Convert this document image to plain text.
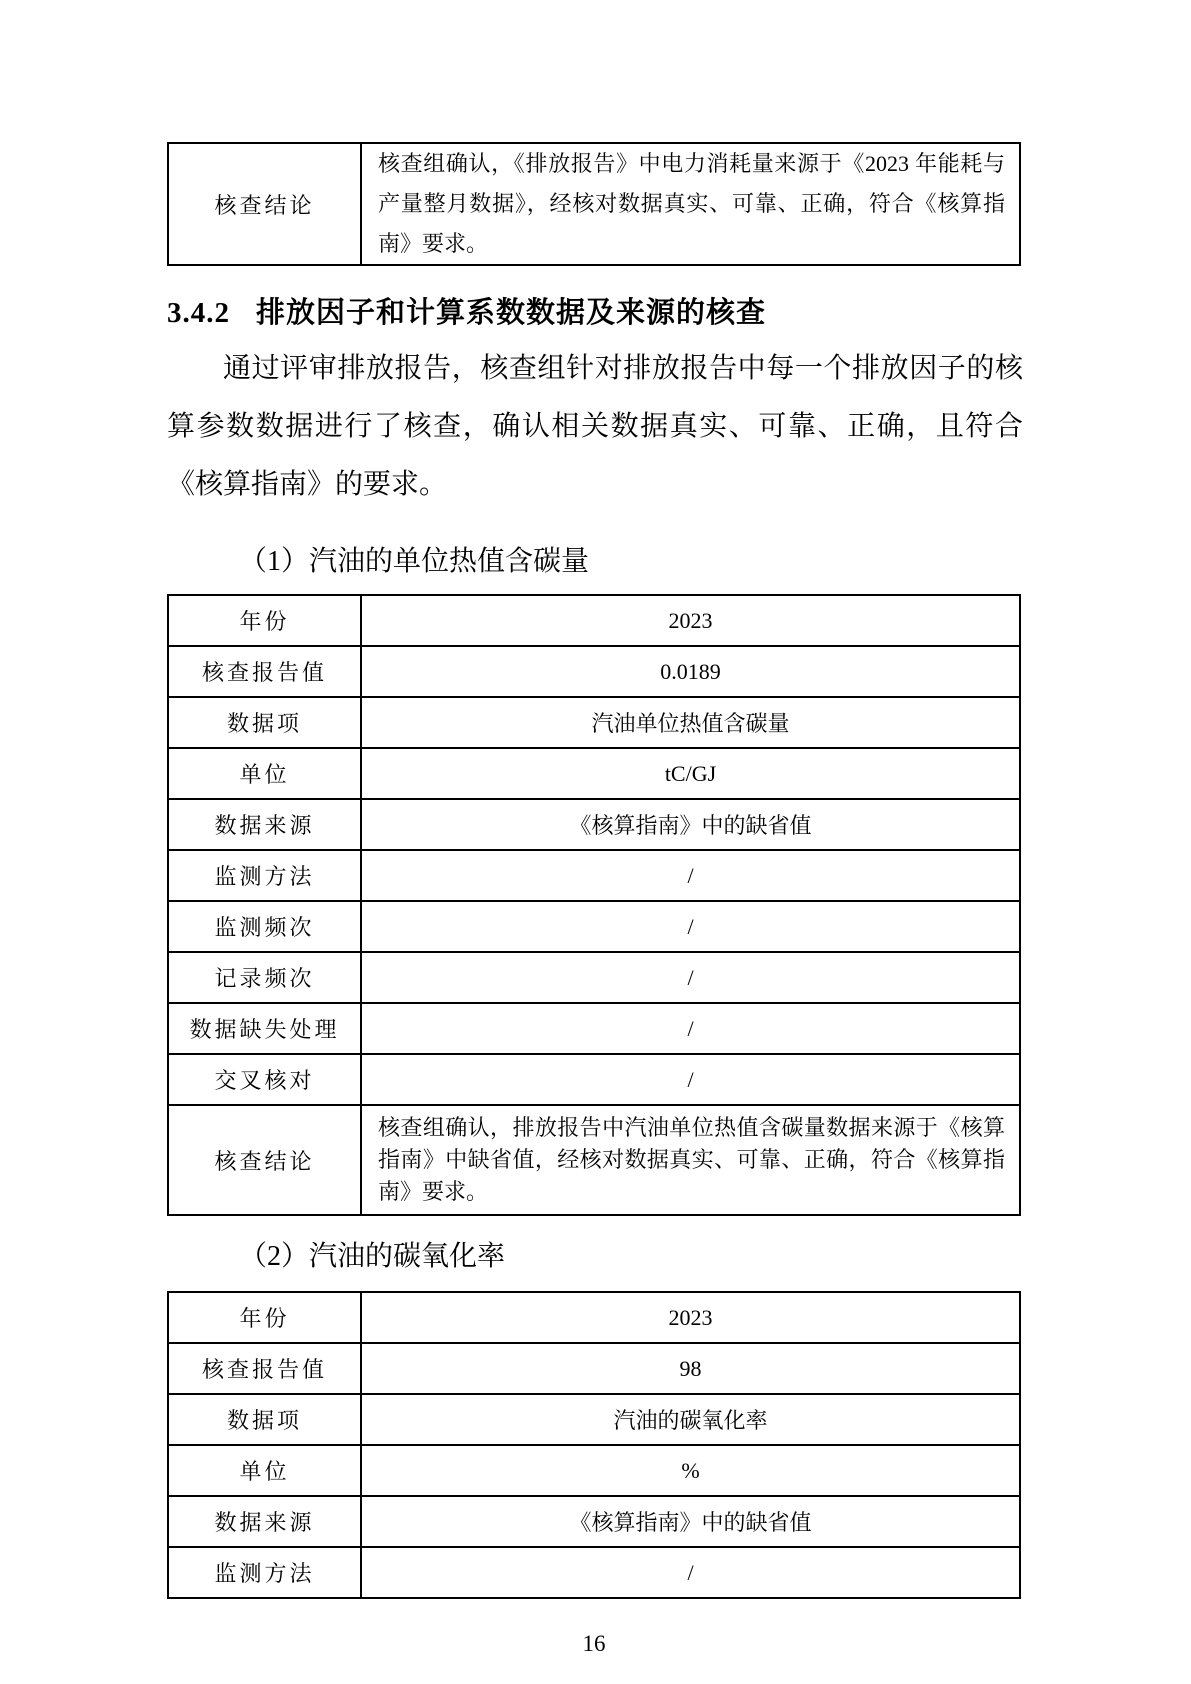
核查结论	核查组确认，《排放报告》中电力消耗量来源于《2023 年能耗与产量整月数据》，经核对数据真实、可靠、正确，符合《核算指南》要求。
3.4.2 排放因子和计算系数数据及来源的核查

通过评审排放报告，核查组针对排放报告中每一个排放因子的核算参数数据进行了核查，确认相关数据真实、可靠、正确，且符合《核算指南》的要求。

（1）汽油的单位热值含碳量
年份	2023
核查报告值	0.0189
数据项	汽油单位热值含碳量
单位	tC/GJ
数据来源	《核算指南》中的缺省值
监测方法	/
监测频次	/
记录频次	/
数据缺失处理	/
交叉核对	/
核查结论	核查组确认，排放报告中汽油单位热值含碳量数据来源于《核算指南》中缺省值，经核对数据真实、可靠、正确，符合《核算指南》要求。
（2）汽油的碳氧化率
年份	2023
核查报告值	98
数据项	汽油的碳氧化率
单位	%
数据来源	《核算指南》中的缺省值
监测方法	/
16
